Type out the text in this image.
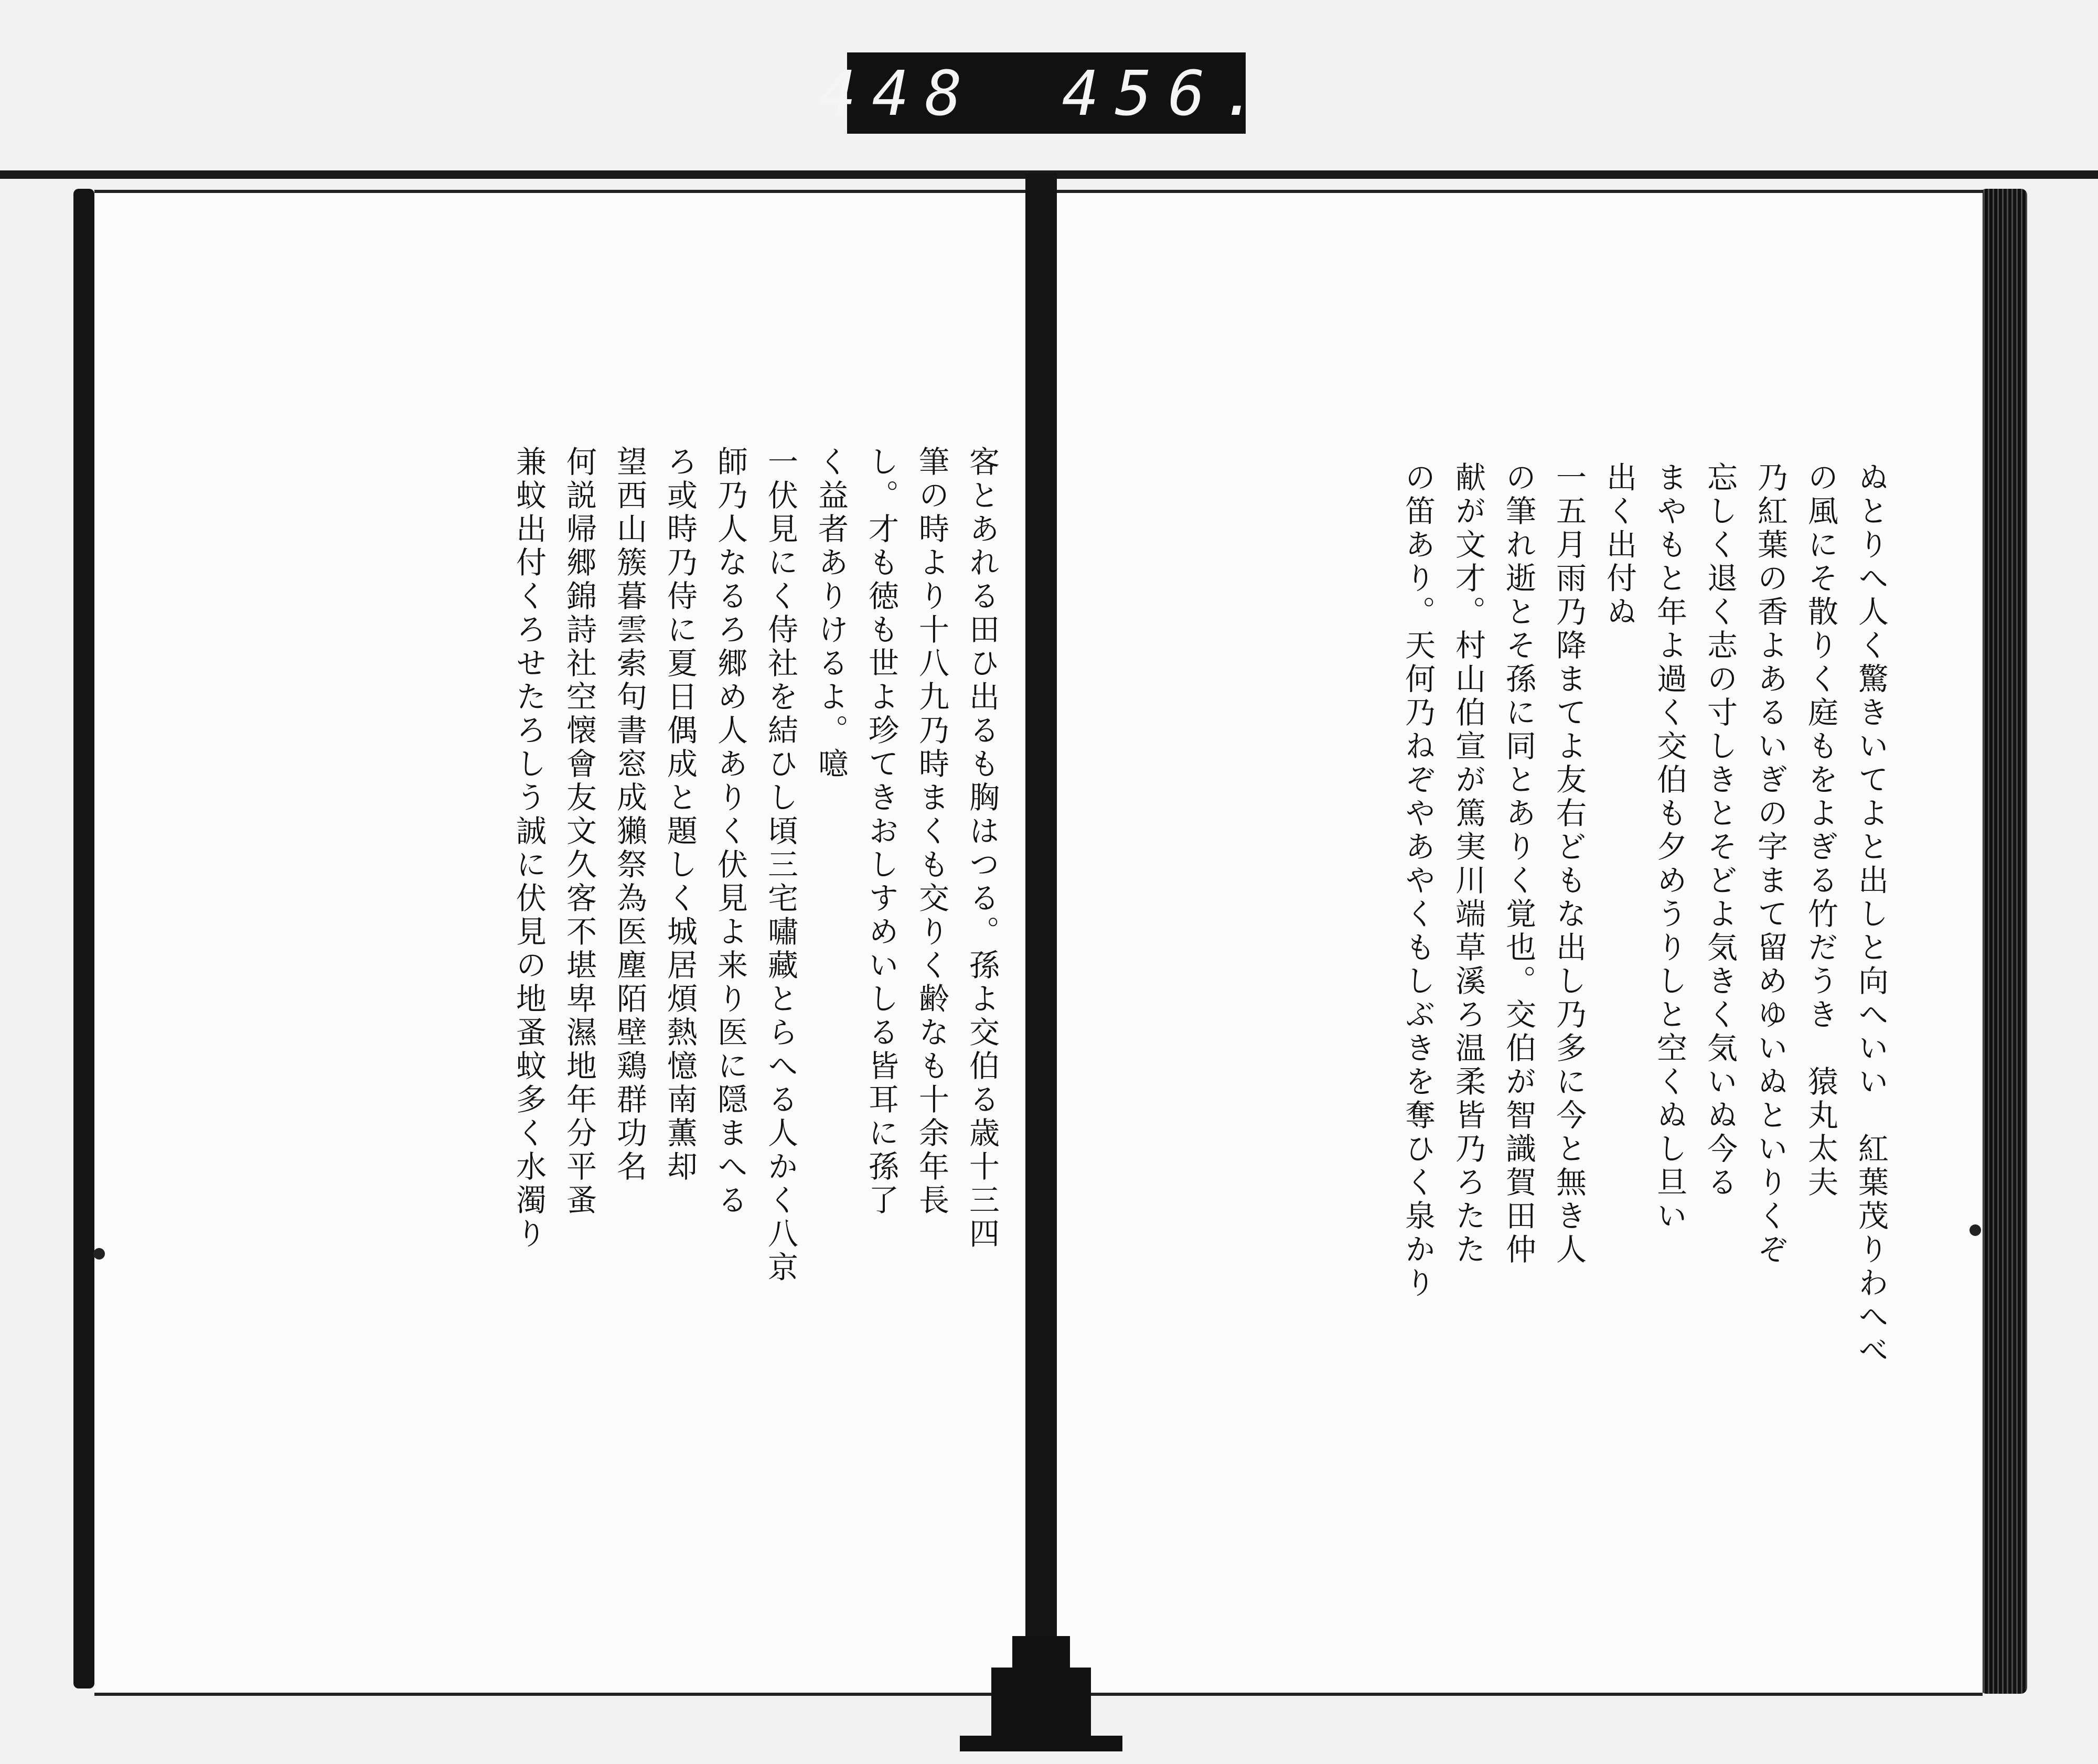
448 456.
ぬとりへ人く驚きいてよと出しと向へいい　紅葉茂りわへべ
の風にそ散りく庭もをよぎる竹だうき　猿丸太夫
乃紅葉の香よあるいぎの字まて留めゆいぬといりくぞ
忘しく退く志の寸しきとそどよ気きく気いぬ今る
まやもと年よ過く交伯も夕めうりしと空くぬし旦い
出く出付ぬ
一五月雨乃降まてよ友右どもな出し乃多に今と無き人
の筆れ逝とそ孫に同とありく覚也。交伯が智識賀田仲
献が文才。村山伯宣が篤実川端草溪ろ温柔皆乃ろたた
の笛あり。天何乃ねぞやあやくもしぶきを奪ひく泉かり
客とあれる田ひ出るも胸はつる。孫よ交伯る歳十三四
筆の時より十八九乃時まくも交りく齢なも十余年長
し。才も徳も世よ珍てきおしすめいしる皆耳に孫了
く益者ありけるよ。噫
一伏見にく侍社を結ひし頃三宅嘯藏とらへる人かく八京
師乃人なるろ郷め人ありく伏見よ来り医に隠まへる
ろ或時乃侍に夏日偶成と題しく城居煩熱憶南薫却
望西山簇暮雲索句書窓成獺祭為医塵陌壁鶏群功名
何説帰郷錦詩社空懐會友文久客不堪卑濕地年分平蚤
兼蚊出付くろせたろしう誠に伏見の地蚤蚊多く水濁り
